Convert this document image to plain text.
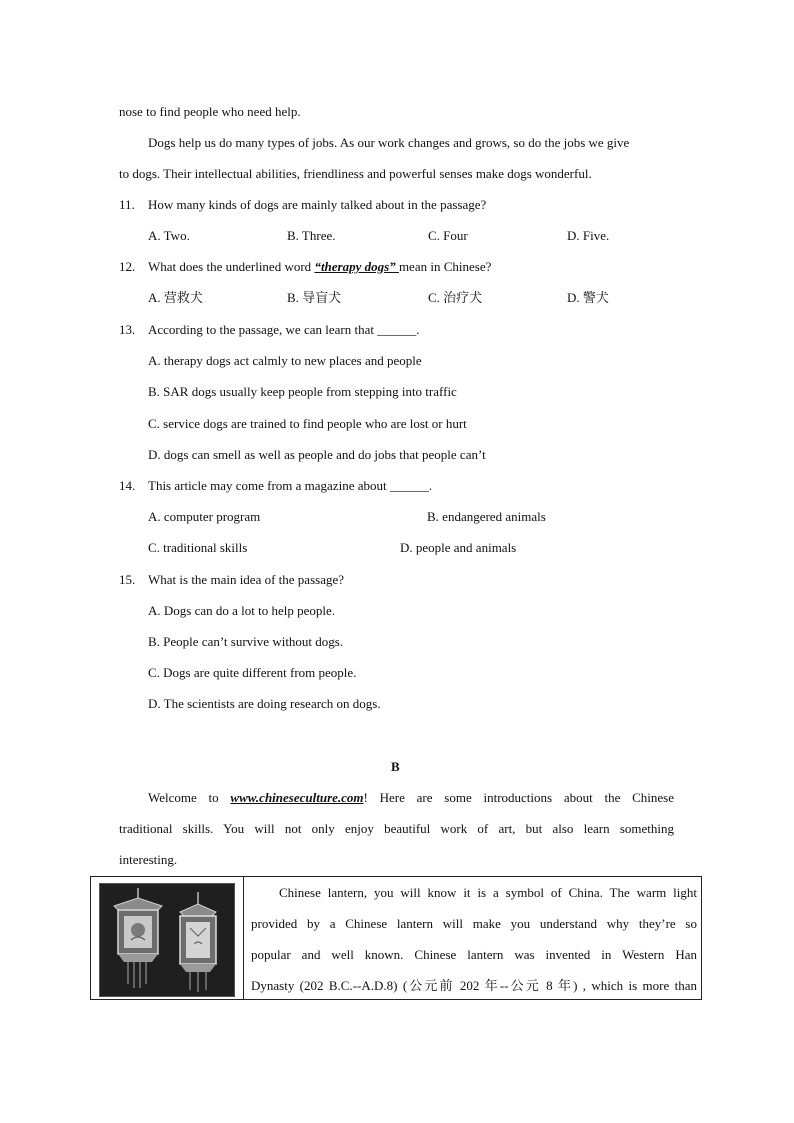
nose to find people who need help.
Dogs help us do many types of jobs. As our work changes and grows, so do the jobs we give
to dogs. Their intellectual abilities, friendliness and powerful senses make dogs wonderful.
11. How many kinds of dogs are mainly talked about in the passage?
A. Two.	B. Three.	C. Four	D. Five.
12. What does the underlined word “therapy dogs” mean in Chinese?
A. 营救犬	B. 导盲犬	C. 治疗犬	D. 警犬
13. According to the passage, we can learn that ______.
A. therapy dogs act calmly to new places and people
B. SAR dogs usually keep people from stepping into traffic
C. service dogs are trained to find people who are lost or hurt
D. dogs can smell as well as people and do jobs that people can’t
14. This article may come from a magazine about ______.
A. computer program	B. endangered animals
C. traditional skills	D. people and animals
15. What is the main idea of the passage?
A. Dogs can do a lot to help people.
B. People can’t survive without dogs.
C. Dogs are quite different from people.
D. The scientists are doing research on dogs.
B
Welcome to www.chineseculture.com! Here are some introductions about the Chinese
traditional skills. You will not only enjoy beautiful work of art, but also learn something
interesting.
Chinese lantern, you will know it is a symbol of China. The warm light
provided by a Chinese lantern will make you understand why they’re so
popular and well known. Chinese lantern was invented in Western Han
Dynasty (202 B.C.--A.D.8) (公元前 202 年--公元 8 年) , which is more than
